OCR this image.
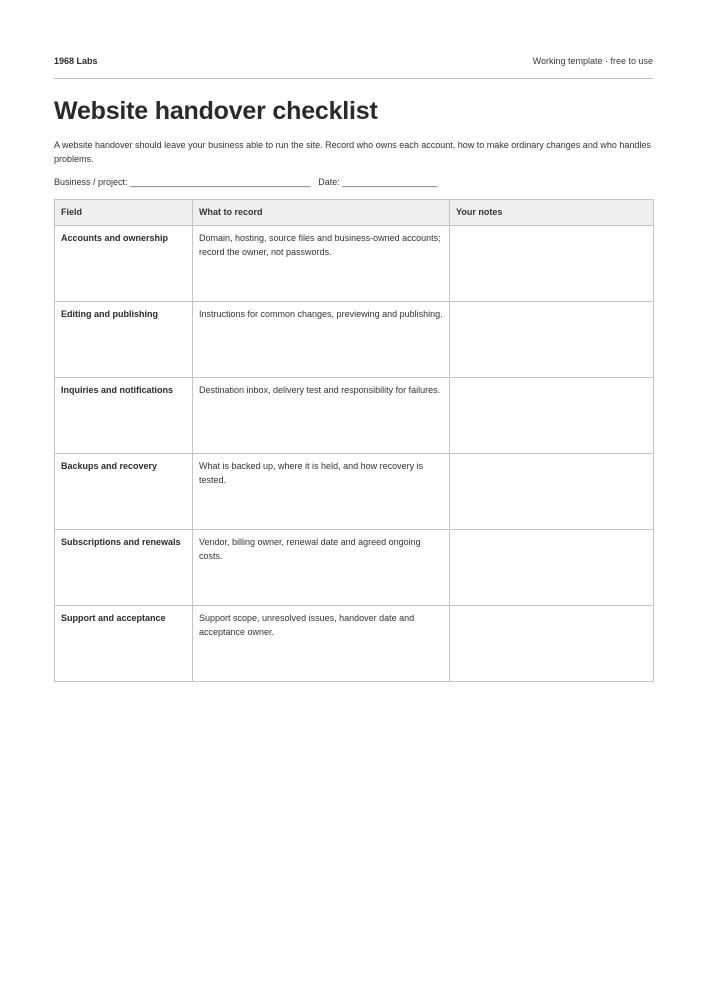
1968 Labs	Working template · free to use
Website handover checklist

A website handover should leave your business able to run the site. Record who owns each account, how to make ordinary changes and who handles problems.

Business / project: ____________________________________ Date: ___________________
Field	What to record	Your notes
Accounts and ownership	Domain, hosting, source files and business-owned accounts; record the owner, not passwords.	
Editing and publishing	Instructions for common changes, previewing and publishing.	
Inquiries and notifications	Destination inbox, delivery test and responsibility for failures.	
Backups and recovery	What is backed up, where it is held, and how recovery is tested.	
Subscriptions and renewals	Vendor, billing owner, renewal date and agreed ongoing costs.	
Support and acceptance	Support scope, unresolved issues, handover date and acceptance owner.	
